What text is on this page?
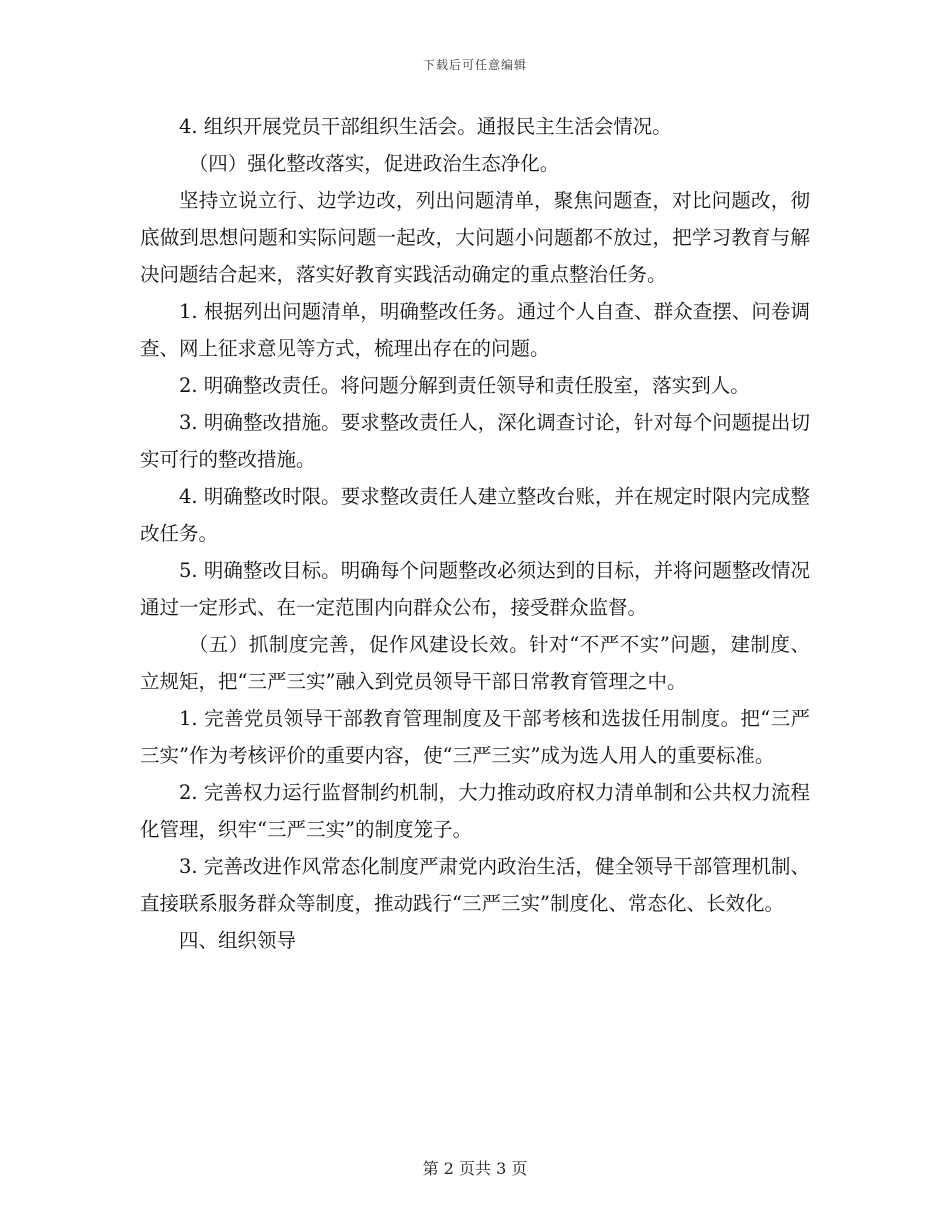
下载后可任意编辑

4. 组织开展党员干部组织生活会。通报民主生活会情况。

（四）强化整改落实，促进政治生态净化。

坚持立说立行、边学边改，列出问题清单，聚焦问题查，对比问题改，彻底做到思想问题和实际问题一起改，大问题小问题都不放过，把学习教育与解决问题结合起来，落实好教育实践活动确定的重点整治任务。

1. 根据列出问题清单，明确整改任务。通过个人自查、群众查摆、问卷调查、网上征求意见等方式，梳理出存在的问题。

2. 明确整改责任。将问题分解到责任领导和责任股室，落实到人。

3. 明确整改措施。要求整改责任人，深化调查讨论，针对每个问题提出切实可行的整改措施。

4. 明确整改时限。要求整改责任人建立整改台账，并在规定时限内完成整改任务。

5. 明确整改目标。明确每个问题整改必须达到的目标，并将问题整改情况通过一定形式、在一定范围内向群众公布，接受群众监督。

（五）抓制度完善，促作风建设长效。针对“不严不实”问题，建制度、立规矩，把“三严三实”融入到党员领导干部日常教育管理之中。

1. 完善党员领导干部教育管理制度及干部考核和选拔任用制度。把“三严三实”作为考核评价的重要内容，使“三严三实”成为选人用人的重要标准。

2. 完善权力运行监督制约机制，大力推动政府权力清单制和公共权力流程化管理，织牢“三严三实”的制度笼子。

3. 完善改进作风常态化制度严肃党内政治生活，健全领导干部管理机制、直接联系服务群众等制度，推动践行“三严三实”制度化、常态化、长效化。

四、组织领导

第 2 页共 3 页
